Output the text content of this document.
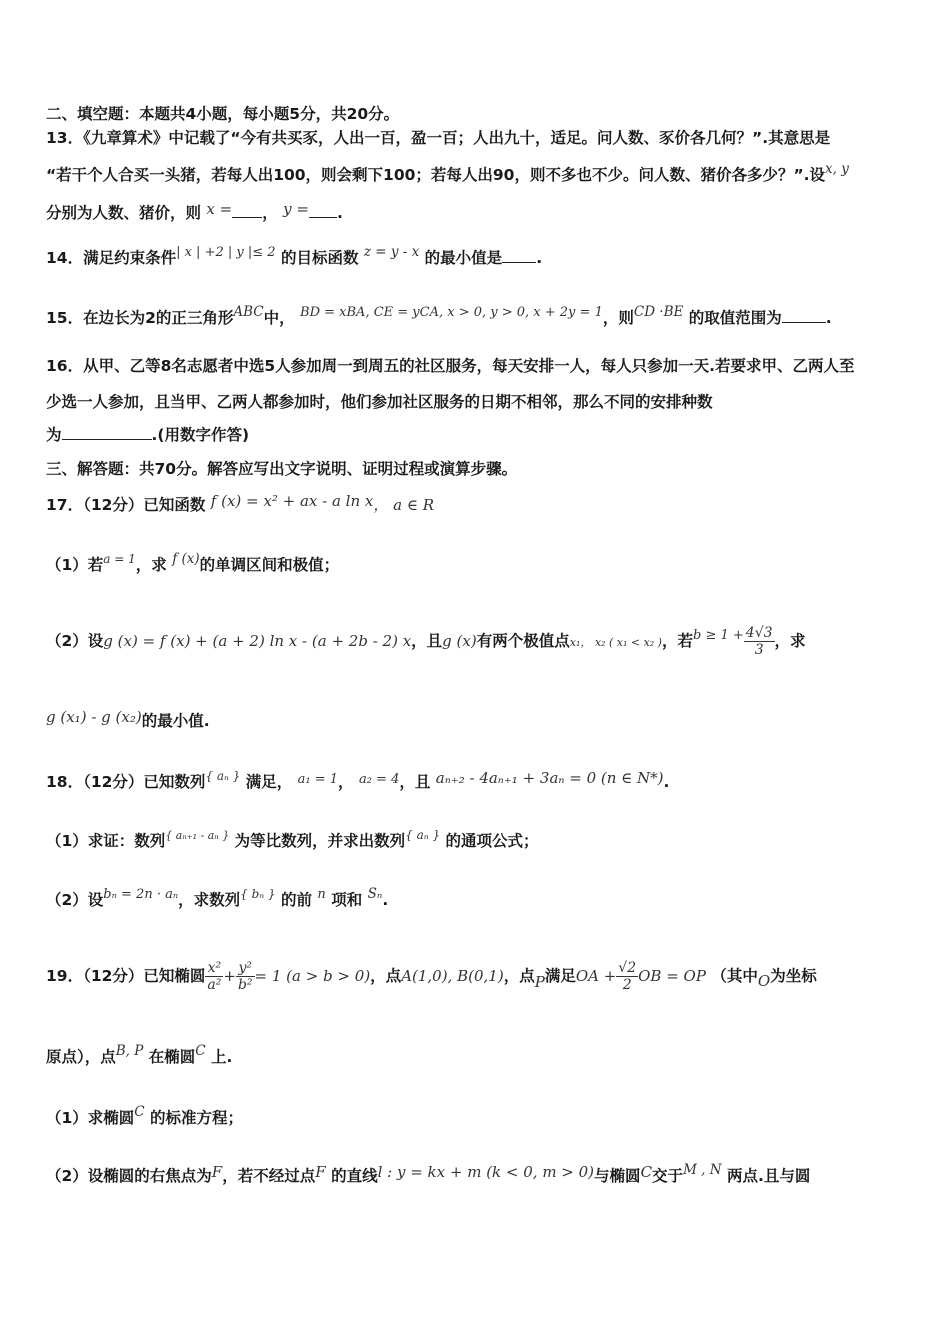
二、填空题：本题共4小题，每小题5分，共20分。
13．《九章算术》中记载了“今有共买豕，人出一百，盈一百；人出九十，适足。问人数、豕价各几何？”.其意思是
“若干个人合买一头猪，若每人出100，则会剩下100；若每人出90，则不多也不少。问人数、猪价各多少？”.设x, y
分别为人数、猪价，则 x = ， y = .
14．满足约束条件$^{| x | +2 | y |\le 2}$ 的目标函数 z = y - x 的最小值是 .
15．在边长为2的正三角形ABC中， $^{BD = xBA, CE = yCA, x > 0, y > 0, x + 2y = 1}$，则CD ·BE 的取值范围为	.
16．从甲、乙等8名志愿者中选5人参加周一到周五的社区服务，每天安排一人，每人只参加一天.若要求甲、乙两人至
少选一人参加，且当甲、乙两人都参加时，他们参加社区服务的日期不相邻，那么不同的安排种数
为	.(用数字作答)
三、解答题：共70分。解答应写出文字说明、证明过程或演算步骤。
17．（12分）已知函数 f (x) = x² + ax - a ln x， a ∈ R
（1）若$^{a = 1}$，求 f (x)的单调区间和极值；
（2）设g (x) = f (x) + (a + 2) ln x - (a + 2b - 2) x，且g (x)有两个极值点x₁， x₂ ( x₁ < x₂ )，若$^{b \ge 1 +} \frac{4√3}{3}$ ，求
g (x₁) - g (x₂)的最小值.
18．（12分）已知数列$^{\{ a_n \}}$ 满足， $^{a_1 = 1}$， $^{a_2 = 4}$，且 aₙ₊₂ - 4aₙ₊₁ + 3aₙ = 0 (n ∈ N*).
（1）求证：数列$^{\{ a_{n+1} - a_n \}}$ 为等比数列，并求出数列$^{\{ a_n \}}$ 的通项公式；
（2）设$^{b_n = 2n \cdot a_n}$，求数列$^{\{ b_n \}}$ 的前 $^n$ 项和 Sₙ.
19．（12分）已知椭圆 $\frac{\text{x²}}{\text{a²}} + \frac{\text{y²}}{\text{b²}} = 1$ (a > b > 0)，点A(1,0), B(0,1)，点P满足OA + $\frac{√2}{2}$ OB = OP （其中O为坐标
原点），点B, P 在椭圆C 上.
（1）求椭圆C 的标准方程；
（2）设椭圆的右焦点为F，若不经过点F 的直线l : y = kx + m (k < 0, m > 0)与椭圆C交于M , N 两点.且与圆
